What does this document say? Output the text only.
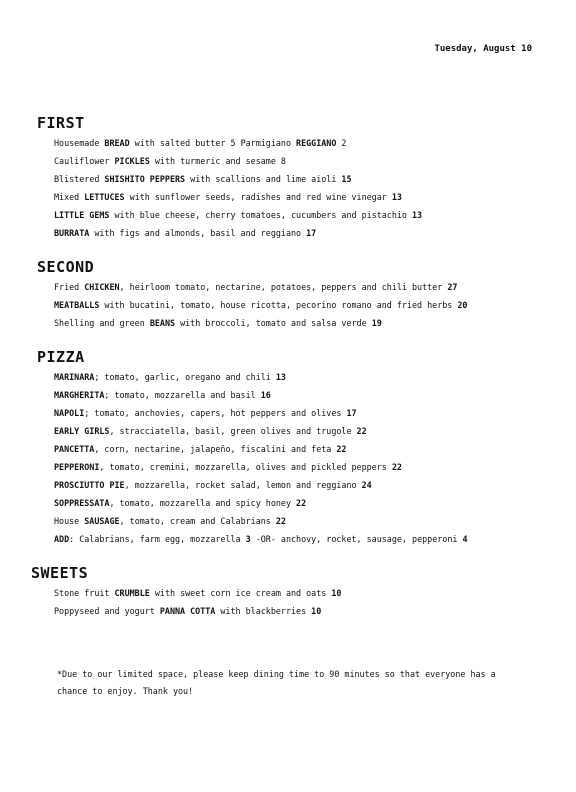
Tuesday, August 10
FIRST
Housemade BREAD with salted butter 5 Parmigiano REGGIANO 2
Cauliflower PICKLES with turmeric and sesame 8
Blistered SHISHITO PEPPERS with scallions and lime aioli 15
Mixed LETTUCES with sunflower seeds, radishes and red wine vinegar 13
LITTLE GEMS with blue cheese, cherry tomatoes, cucumbers and pistachio 13
BURRATA with figs and almonds, basil and reggiano 17
SECOND
Fried CHICKEN, heirloom tomato, nectarine, potatoes, peppers and chili butter 27
MEATBALLS with bucatini, tomato, house ricotta, pecorino romano and fried herbs 20
Shelling and green BEANS with broccoli, tomato and salsa verde 19
PIZZA
MARINARA; tomato, garlic, oregano and chili 13
MARGHERITA; tomato, mozzarella and basil 16
NAPOLI; tomato, anchovies, capers, hot peppers and olives 17
EARLY GIRLS, stracciatella, basil, green olives and trugole 22
PANCETTA, corn, nectarine, jalapeño, fiscalini and feta 22
PEPPERONI, tomato, cremini, mozzarella, olives and pickled peppers 22
PROSCIUTTO PIE, mozzarella, rocket salad, lemon and reggiano 24
SOPPRESSATA, tomato, mozzarella and spicy honey 22
House SAUSAGE, tomato, cream and Calabrians 22
ADD: Calabrians, farm egg, mozzarella 3 -OR- anchovy, rocket, sausage, pepperoni 4
SWEETS
Stone fruit CRUMBLE with sweet corn ice cream and oats 10
Poppyseed and yogurt PANNA COTTA with blackberries 10
*Due to our limited space, please keep dining time to 90 minutes so that everyone has a chance to enjoy. Thank you!
